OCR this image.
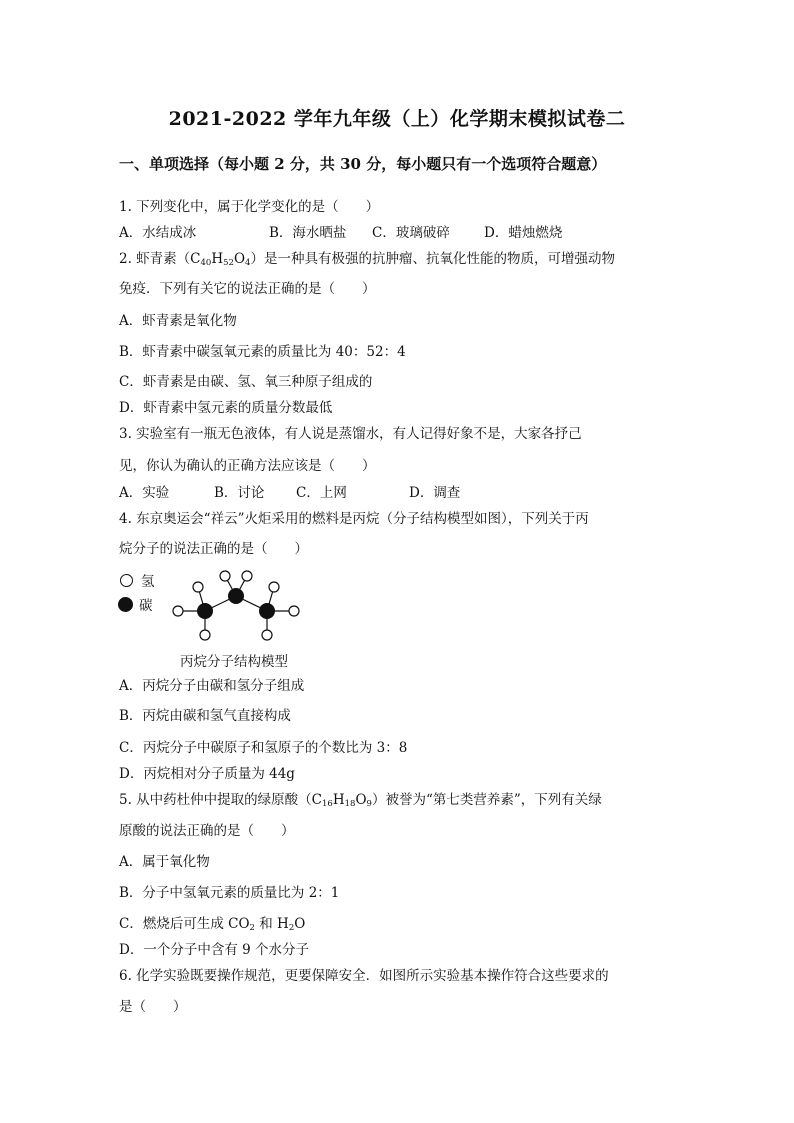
2021-2022 学年九年级（上）化学期末模拟试卷二
一、单项选择（每小题 2 分，共 30 分，每小题只有一个选项符合题意）
1. 下列变化中，属于化学变化的是（　　）
A．水结成冰	B．海水晒盐 C．玻璃破碎	D．蜡烛燃烧
2. 虾青素$(C_{40}H_{52}O_4)$是一种具有极强的抗肿瘤、抗氧化性能的物质，可增强动物
免疫．下列有关它的说法正确的是（　　）
A．虾青素是氧化物
B．虾青素中碳氢氧元素的质量比为 40：52：4
C．虾青素是由碳、氢、氧三种原子组成的
D．虾青素中氢元素的质量分数最低
3. 实验室有一瓶无色液体，有人说是蒸馏水，有人记得好象不是，大家各抒己
见，你认为确认的正确方法应该是（　　）
A．实验	B．讨论 C．上网	D．调查
4. 东京奥运会“祥云”火炬采用的燃料是丙烷（分子结构模型如图），下列关于丙
烷分子的说法正确的是（　　）
氢
碳
丙烷分子结构模型
A．丙烷分子由碳和氢分子组成
B．丙烷由碳和氢气直接构成
C．丙烷分子中碳原子和氢原子的个数比为 3：8
D．丙烷相对分子质量为 44g
5. 从中药杜仲中提取的绿原酸$(C_{16}H_{18}O_9)$被誉为“第七类营养素”，下列有关绿
原酸的说法正确的是（　　）
A．属于氧化物
B．分子中氢氧元素的质量比为 2：1
C．燃烧后可生成 $CO_2$ 和 $H_2O$
D．一个分子中含有 9 个水分子
6. 化学实验既要操作规范，更要保障安全．如图所示实验基本操作符合这些要求的
是（　　）
